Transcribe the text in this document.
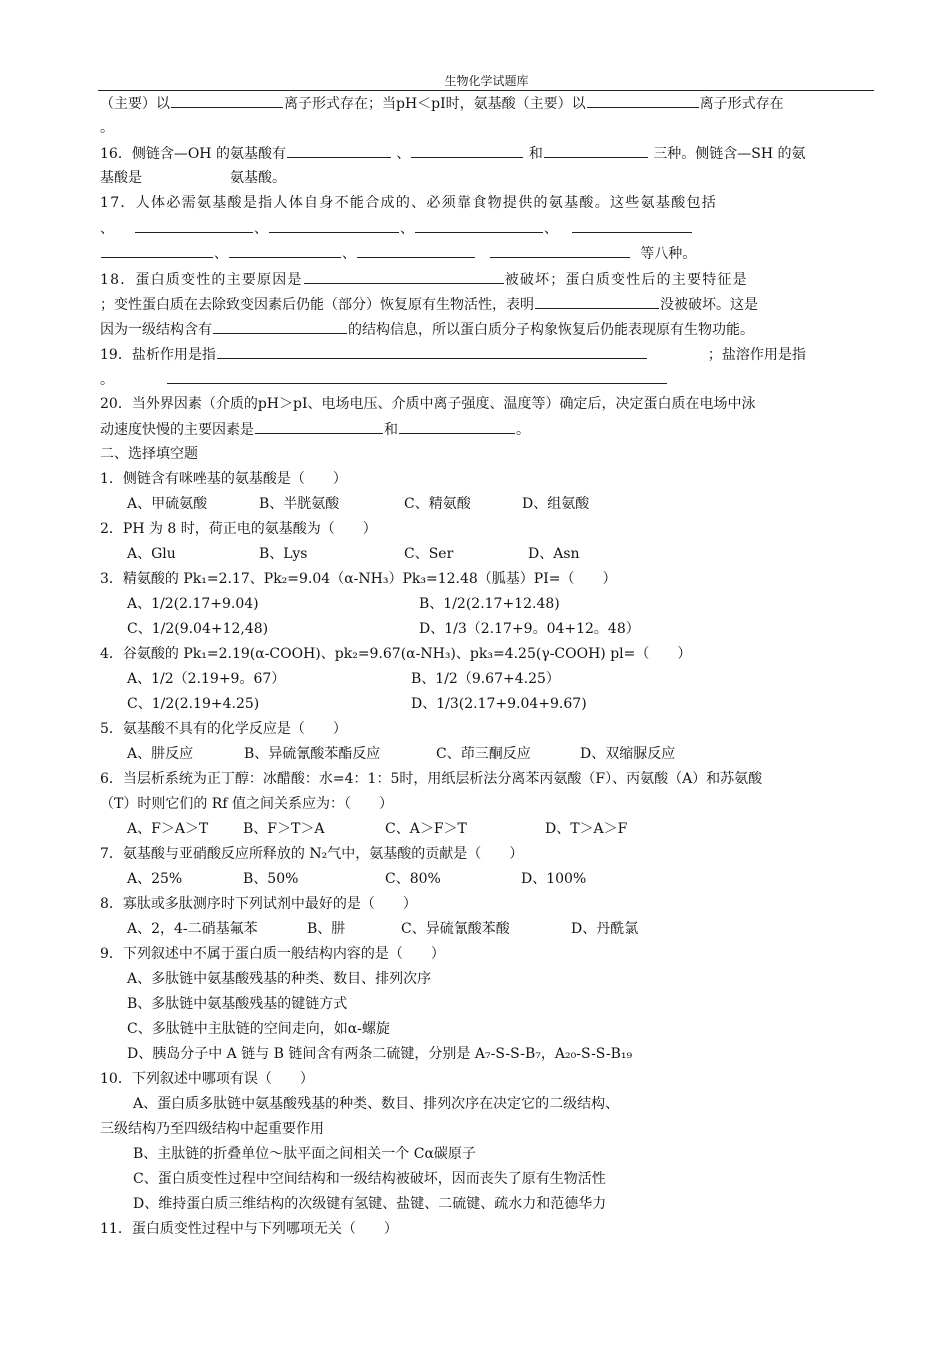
生物化学试题库
（主要）以	离子形式存在；当pH＜pI时，氨基酸（主要）以	离子形式存在
。
16．侧链含—OH 的氨基酸有	、	和	三种。侧链含—SH 的氨
基酸是	氨基酸。
17．人体必需氨基酸是指人体自身不能合成的、必须靠食物提供的氨基酸。这些氨基酸包括
、	、	、	、
、	、	等八种。
18．蛋白质变性的主要原因是	被破坏；蛋白质变性后的主要特征是
；变性蛋白质在去除致变因素后仍能（部分）恢复原有生物活性，表明	没被破坏。这是
因为一级结构含有	的结构信息，所以蛋白质分子构象恢复后仍能表现原有生物功能。
19．盐析作用是指	；盐溶作用是指
。
20．当外界因素（介质的pH＞pI、电场电压、介质中离子强度、温度等）确定后，决定蛋白质在电场中泳
动速度快慢的主要因素是	和	。
二、选择填空题
1．侧链含有咪唑基的氨基酸是（　　）
A、甲硫氨酸	B、半胱氨酸	C、精氨酸	D、组氨酸
2．PH 为 8 时，荷正电的氨基酸为（　　）
A、Glu	B、Lys	C、Ser	D、Asn
3．精氨酸的 Pk₁=2.17、Pk₂=9.04（α-NH₃）Pk₃=12.48（胍基）PI=（　　）
A、1/2(2.17+9.04)	B、1/2(2.17+12.48)
C、1/2(9.04+12,48)	D、1/3（2.17+9。04+12。48）
4．谷氨酸的 Pk₁=2.19(α-COOH)、pk₂=9.67(α-NH₃)、pk₃=4.25(γ-COOH) pl=（　　）
A、1/2（2.19+9。67）	B、1/2（9.67+4.25）
C、1/2(2.19+4.25)	D、1/3(2.17+9.04+9.67)
5．氨基酸不具有的化学反应是（　　）
A、肼反应	B、异硫氰酸苯酯反应	C、茚三酮反应	D、双缩脲反应
6．当层析系统为正丁醇：冰醋酸：水=4：1：5时，用纸层析法分离苯丙氨酸（F）、丙氨酸（A）和苏氨酸
（T）时则它们的 Rf 值之间关系应为：（　　）
A、F＞A＞T B、F＞T＞A	C、A＞F＞T	D、T＞A＞F
7．氨基酸与亚硝酸反应所释放的 N₂气中，氨基酸的贡献是（　　）
A、25%	B、50%	C、80%	D、100%
8．寡肽或多肽测序时下列试剂中最好的是（　　）
A、2，4-二硝基氟苯	B、肼	C、异硫氰酸苯酸	D、丹酰氯
9．下列叙述中不属于蛋白质一般结构内容的是（　　）
A、多肽链中氨基酸残基的种类、数目、排列次序
B、多肽链中氨基酸残基的键链方式
C、多肽链中主肽链的空间走向，如α-螺旋
D、胰岛分子中 A 链与 B 链间含有两条二硫键，分别是 A₇-S-S-B₇，A₂₀-S-S-B₁₉
10．下列叙述中哪项有误（　　）
A、蛋白质多肽链中氨基酸残基的种类、数目、排列次序在决定它的二级结构、
三级结构乃至四级结构中起重要作用
B、主肽链的折叠单位～肽平面之间相关一个 Cα碳原子
C、蛋白质变性过程中空间结构和一级结构被破坏，因而丧失了原有生物活性
D、维持蛋白质三维结构的次级键有氢键、盐键、二硫键、疏水力和范德华力
11．蛋白质变性过程中与下列哪项无关（　　）
